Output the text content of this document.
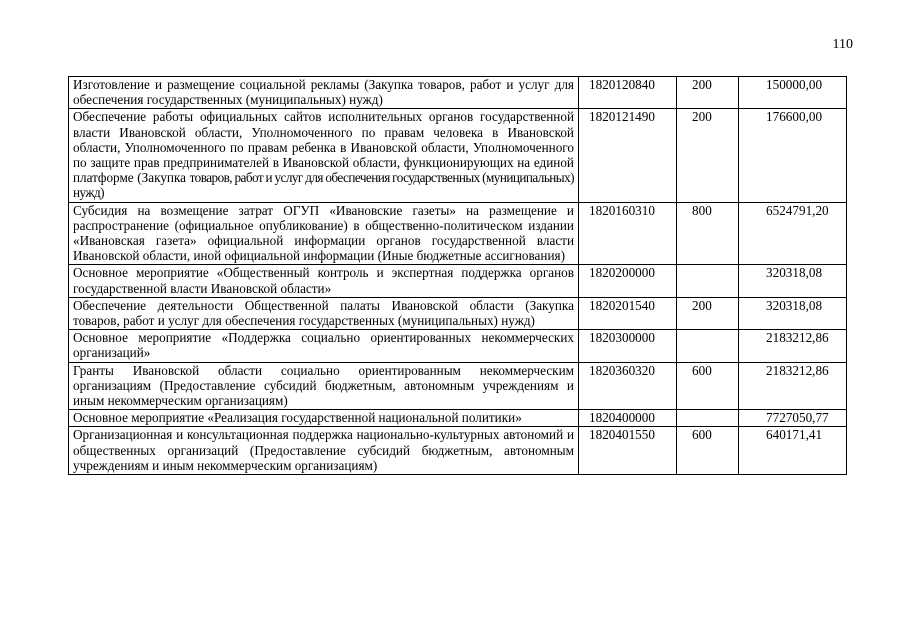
110
Изготовление и размещение социальной рекламы (Закупка товаров, работ и услуг для обеспечения государственных (муниципальных) нужд)	1820120840	200	150000,00
Обеспечение работы официальных сайтов исполнительных органов государственной власти Ивановской области, Уполномоченного по правам человека в Ивановской области, Уполномоченного по правам ребенка в Ивановской области, Уполномоченного по защите прав предпринимателей в Ивановской области, функционирующих на единой платформе (Закупка товаров, работ и услуг для обеспечения государственных (муниципальных) нужд)	1820121490	200	176600,00
Субсидия на возмещение затрат ОГУП «Ивановские газеты» на размещение и распространение (официальное опубликование) в общественно-политическом издании «Ивановская газета» официальной информации органов государственной власти Ивановской области, иной официальной информации (Иные бюджетные ассигнования)	1820160310	800	6524791,20
Основное мероприятие «Общественный контроль и экспертная поддержка органов государственной власти Ивановской области»	1820200000		320318,08
Обеспечение деятельности Общественной палаты Ивановской области (Закупка товаров, работ и услуг для обеспечения государственных (муниципальных) нужд)	1820201540	200	320318,08
Основное мероприятие «Поддержка социально ориентированных некоммерческих организаций»	1820300000		2183212,86
Гранты Ивановской области социально ориентированным некоммерческим организациям (Предоставление субсидий бюджетным, автономным учреждениям и иным некоммерческим организациям)	1820360320	600	2183212,86
Основное мероприятие «Реализация государственной национальной политики»	1820400000		7727050,77
Организационная и консультационная поддержка национально-культурных автономий и общественных организаций (Предоставление субсидий бюджетным, автономным учреждениям и иным некоммерческим организациям)	1820401550	600	640171,41
